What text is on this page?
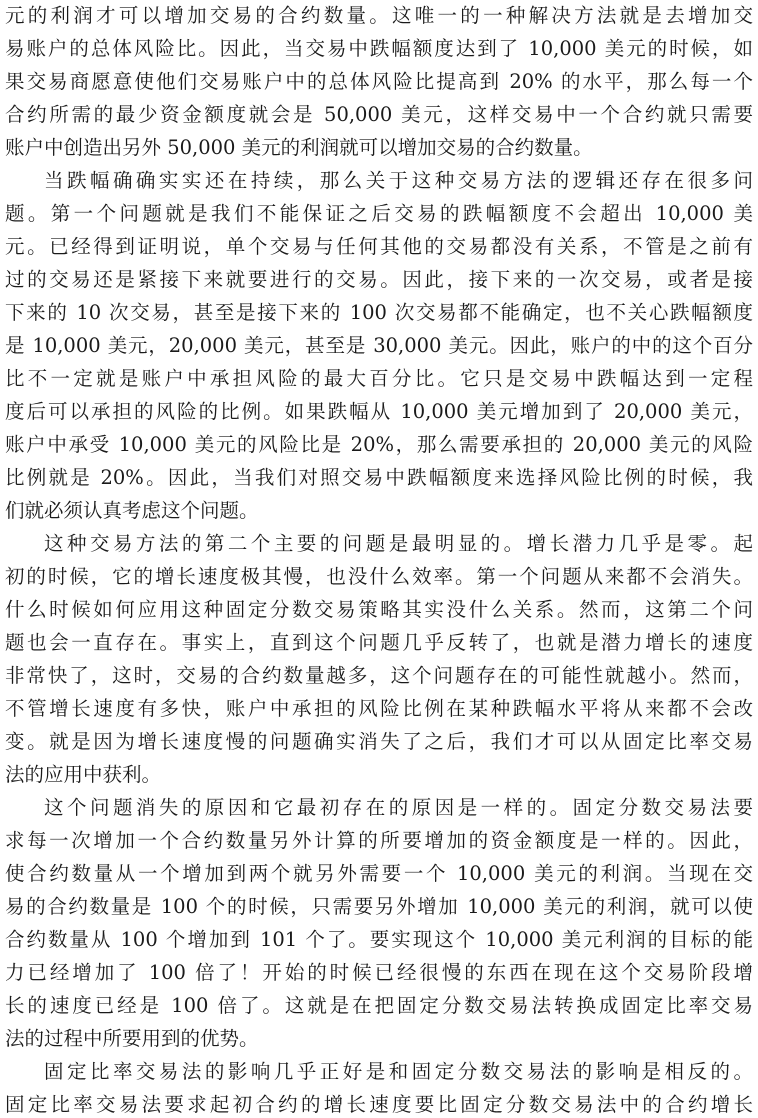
元的利润才可以增加交易的合约数量。这唯一的一种解决方法就是去增加交
易账户的总体风险比。因此，当交易中跌幅额度达到了 10,000 美元的时候，如
果交易商愿意使他们交易账户中的总体风险比提高到 20% 的水平，那么每一个
合约所需的最少资金额度就会是 50,000 美元，这样交易中一个合约就只需要
账户中创造出另外 50,000 美元的利润就可以增加交易的合约数量。
当跌幅确确实实还在持续，那么关于这种交易方法的逻辑还存在很多问
题。第一个问题就是我们不能保证之后交易的跌幅额度不会超出 10,000 美
元。已经得到证明说，单个交易与任何其他的交易都没有关系，不管是之前有
过的交易还是紧接下来就要进行的交易。因此，接下来的一次交易，或者是接
下来的 10 次交易，甚至是接下来的 100 次交易都不能确定，也不关心跌幅额度
是 10,000 美元，20,000 美元，甚至是 30,000 美元。因此，账户的中的这个百分
比不一定就是账户中承担风险的最大百分比。它只是交易中跌幅达到一定程
度后可以承担的风险的比例。如果跌幅从 10,000 美元增加到了 20,000 美元，
账户中承受 10,000 美元的风险比是 20%，那么需要承担的 20,000 美元的风险
比例就是 20%。因此，当我们对照交易中跌幅额度来选择风险比例的时候，我
们就必须认真考虑这个问题。
这种交易方法的第二个主要的问题是最明显的。增长潜力几乎是零。起
初的时候，它的增长速度极其慢，也没什么效率。第一个问题从来都不会消失。
什么时候如何应用这种固定分数交易策略其实没什么关系。然而，这第二个问
题也会一直存在。事实上，直到这个问题几乎反转了，也就是潜力增长的速度
非常快了，这时，交易的合约数量越多，这个问题存在的可能性就越小。然而，
不管增长速度有多快，账户中承担的风险比例在某种跌幅水平将从来都不会改
变。就是因为增长速度慢的问题确实消失了之后，我们才可以从固定比率交易
法的应用中获利。
这个问题消失的原因和它最初存在的原因是一样的。固定分数交易法要
求每一次增加一个合约数量另外计算的所要增加的资金额度是一样的。因此，
使合约数量从一个增加到两个就另外需要一个 10,000 美元的利润。当现在交
易的合约数量是 100 个的时候，只需要另外增加 10,000 美元的利润，就可以使
合约数量从 100 个增加到 101 个了。要实现这个 10,000 美元利润的目标的能
力已经增加了 100 倍了！开始的时候已经很慢的东西在现在这个交易阶段增
长的速度已经是 100 倍了。这就是在把固定分数交易法转换成固定比率交易
法的过程中所要用到的优势。
固定比率交易法的影响几乎正好是和固定分数交易法的影响是相反的。
固定比率交易法要求起初合约的增长速度要比固定分数交易法中的合约增长
